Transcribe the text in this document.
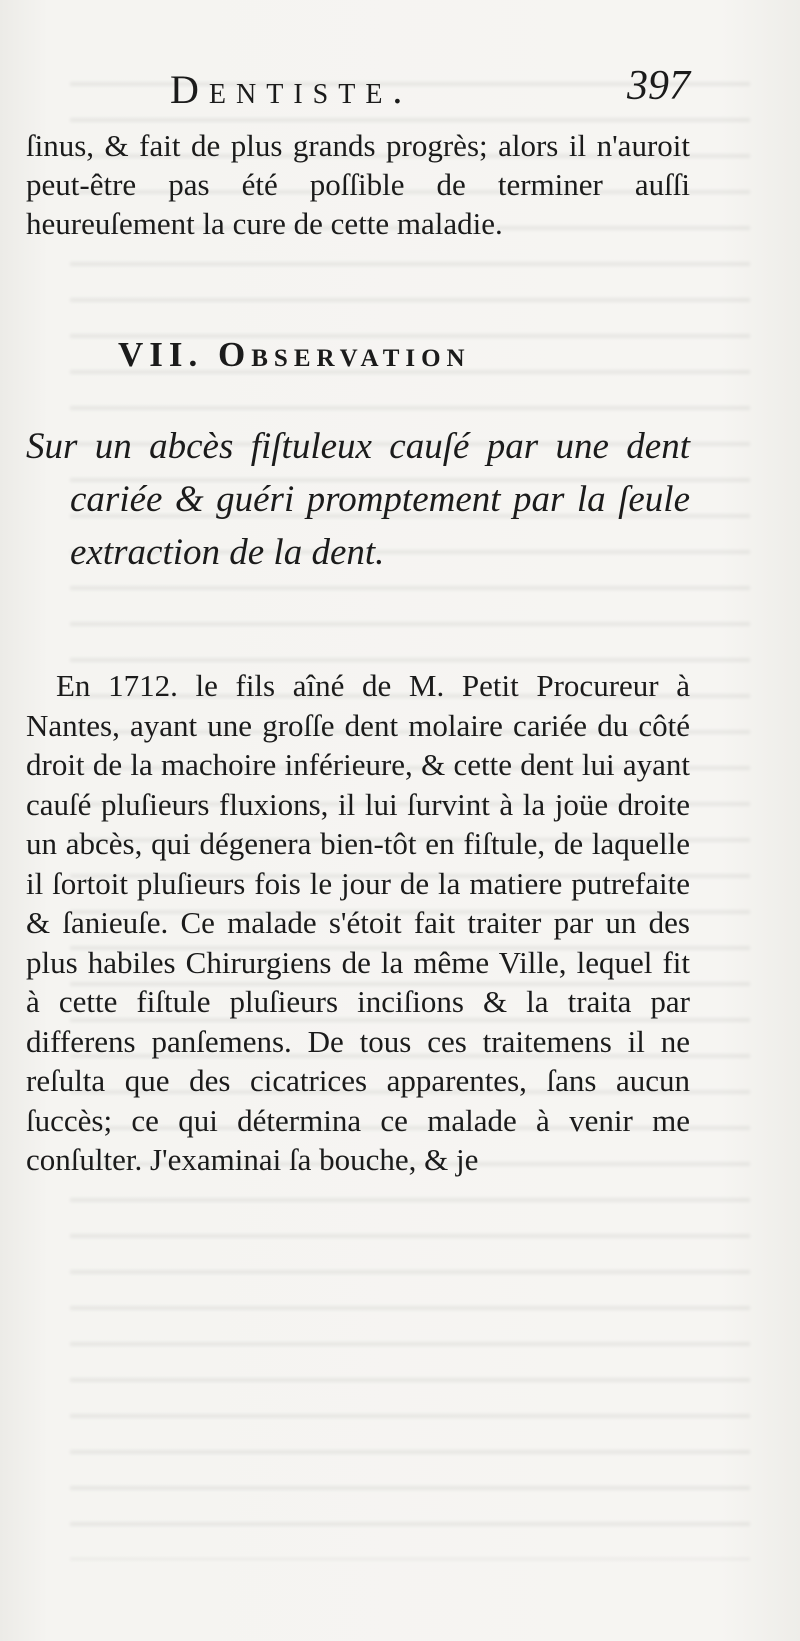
Dentiste.	397

ſinus, & fait de plus grands progrès; alors il n'auroit peut-être pas été poſſible de terminer auſſi heureuſement la cure de cette maladie.

VII. Observation

Sur un abcès fiſtuleux cauſé par une dent cariée & guéri promptement par la ſeule extraction de la dent.

En 1712. le fils aîné de M. Petit Procureur à Nantes, ayant une groſſe dent molaire cariée du côté droit de la machoire inférieure, & cette dent lui ayant cauſé pluſieurs fluxions, il lui ſurvint à la joüe droite un abcès, qui dégenera bien-tôt en fiſtule, de laquelle il ſortoit pluſieurs fois le jour de la matiere putrefaite & ſanieuſe. Ce malade s'étoit fait traiter par un des plus habiles Chirurgiens de la même Ville, lequel fit à cette fiſtule pluſieurs inciſions & la traita par differens panſemens. De tous ces traitemens il ne reſulta que des cicatrices apparentes, ſans aucun ſuccès; ce qui détermina ce malade à venir me conſulter. J'examinai ſa bouche, & je
